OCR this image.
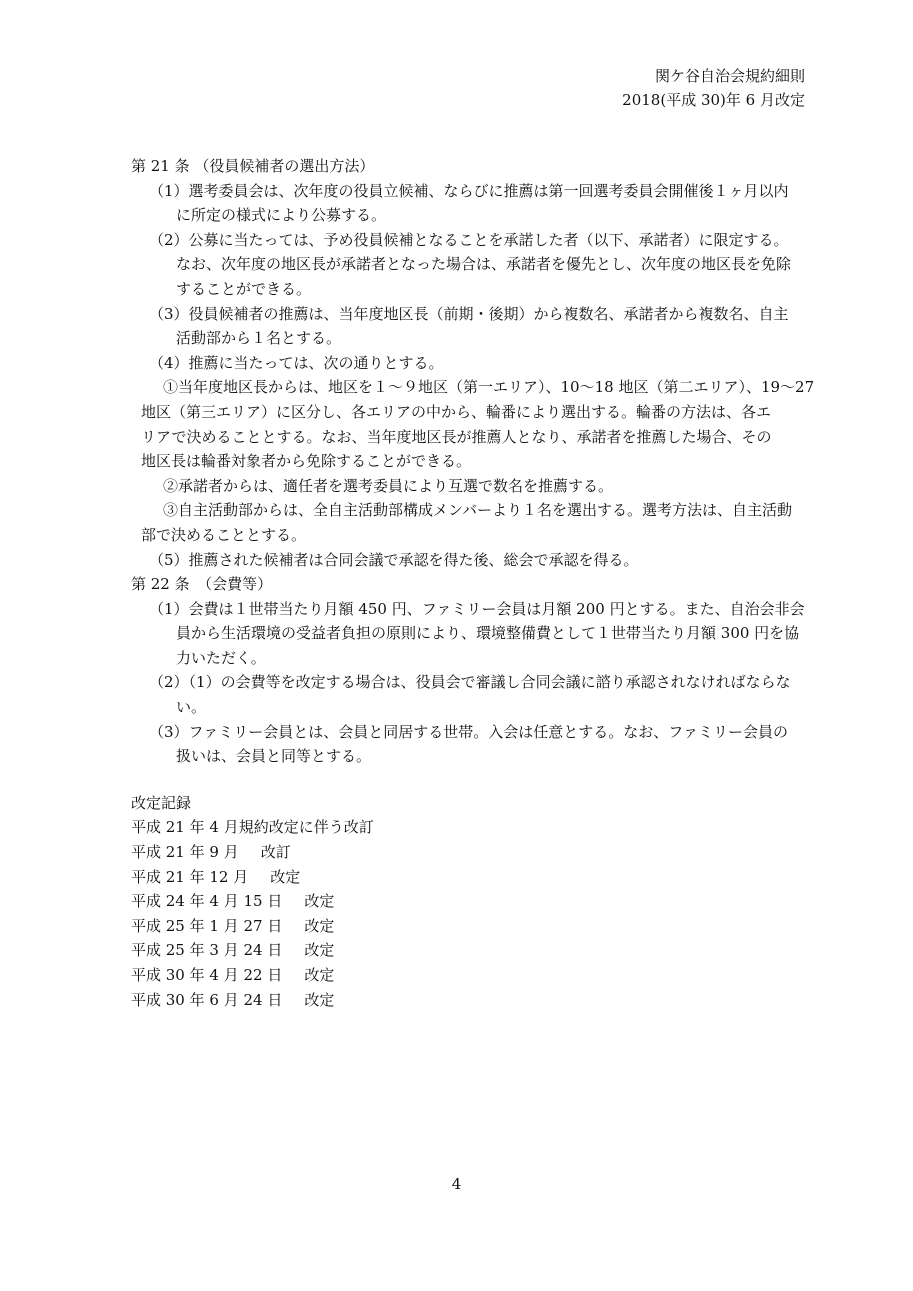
関ケ谷自治会規約細則
2018(平成 30)年 6 月改定
第 21 条 （役員候補者の選出方法）
（1）選考委員会は、次年度の役員立候補、ならびに推薦は第一回選考委員会開催後１ヶ月以内
に所定の様式により公募する。
（2）公募に当たっては、予め役員候補となることを承諾した者（以下、承諾者）に限定する。
なお、次年度の地区長が承諾者となった場合は、承諾者を優先とし、次年度の地区長を免除
することができる。
（3）役員候補者の推薦は、当年度地区長（前期・後期）から複数名、承諾者から複数名、自主
活動部から１名とする。
（4）推薦に当たっては、次の通りとする。
①当年度地区長からは、地区を１～９地区（第一エリア）、10～18 地区（第二エリア）、19～27
地区（第三エリア）に区分し、各エリアの中から、輪番により選出する。輪番の方法は、各エ
リアで決めることとする。なお、当年度地区長が推薦人となり、承諾者を推薦した場合、その
地区長は輪番対象者から免除することができる。
②承諾者からは、適任者を選考委員により互選で数名を推薦する。
③自主活動部からは、全自主活動部構成メンバーより１名を選出する。選考方法は、自主活動
部で決めることとする。
（5）推薦された候補者は合同会議で承認を得た後、総会で承認を得る。
第 22 条　（会費等）
（1）会費は１世帯当たり月額 450 円、ファミリー会員は月額 200 円とする。また、自治会非会
員から生活環境の受益者負担の原則により、環境整備費として１世帯当たり月額 300 円を協
力いただく。
（2）（1）の会費等を改定する場合は、役員会で審議し合同会議に諮り承認されなければならな
い。
（3）ファミリー会員とは、会員と同居する世帯。入会は任意とする。なお、ファミリー会員の
扱いは、会員と同等とする。
改定記録
平成 21 年 4 月規約改定に伴う改訂
平成 21 年 9 月 改訂
平成 21 年 12 月 改定
平成 24 年 4 月 15 日 改定
平成 25 年 1 月 27 日 改定
平成 25 年 3 月 24 日 改定
平成 30 年 4 月 22 日 改定
平成 30 年 6 月 24 日 改定
4
